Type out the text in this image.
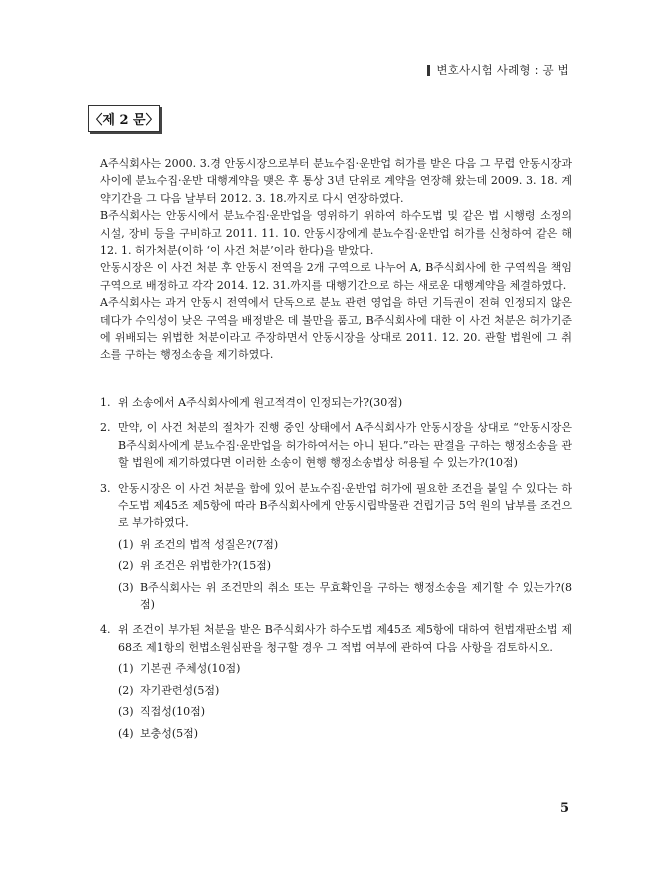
변호사시험 사례형 : 공 법
〈제 2 문〉

A주식회사는 2000. 3.경 안동시장으로부터 분뇨수집·운반업 허가를 받은 다음 그 무렵 안동시장과 사이에 분뇨수집·운반 대행계약을 맺은 후 통상 3년 단위로 계약을 연장해 왔는데 2009. 3. 18. 계약기간을 그 다음 날부터 2012. 3. 18.까지로 다시 연장하였다.

B주식회사는 안동시에서 분뇨수집·운반업을 영위하기 위하여 하수도법 및 같은 법 시행령 소정의 시설, 장비 등을 구비하고 2011. 11. 10. 안동시장에게 분뇨수집·운반업 허가를 신청하여 같은 해 12. 1. 허가처분(이하 ‘이 사건 처분’이라 한다)을 받았다.

안동시장은 이 사건 처분 후 안동시 전역을 2개 구역으로 나누어 A, B주식회사에 한 구역씩을 책임구역으로 배정하고 각각 2014. 12. 31.까지를 대행기간으로 하는 새로운 대행계약을 체결하였다.

A주식회사는 과거 안동시 전역에서 단독으로 분뇨 관련 영업을 하던 기득권이 전혀 인정되지 않은데다가 수익성이 낮은 구역을 배정받은 데 불만을 품고, B주식회사에 대한 이 사건 처분은 허가기준에 위배되는 위법한 처분이라고 주장하면서 안동시장을 상대로 2011. 12. 20. 관할 법원에 그 취소를 구하는 행정소송을 제기하였다.

1. 위 소송에서 A주식회사에게 원고적격이 인정되는가?(30점)
2. 만약, 이 사건 처분의 절차가 진행 중인 상태에서 A주식회사가 안동시장을 상대로 “안동시장은 B주식회사에게 분뇨수집·운반업을 허가하여서는 아니 된다.”라는 판결을 구하는 행정소송을 관할 법원에 제기하였다면 이러한 소송이 현행 행정소송법상 허용될 수 있는가?(10점)
3. 안동시장은 이 사건 처분을 함에 있어 분뇨수집·운반업 허가에 필요한 조건을 붙일 수 있다는 하수도법 제45조 제5항에 따라 B주식회사에게 안동시립박물관 건립기금 5억 원의 납부를 조건으로 부가하였다.
(1) 위 조건의 법적 성질은?(7점)
(2) 위 조건은 위법한가?(15점)
(3) B주식회사는 위 조건만의 취소 또는 무효확인을 구하는 행정소송을 제기할 수 있는가?(8점)
4. 위 조건이 부가된 처분을 받은 B주식회사가 하수도법 제45조 제5항에 대하여 헌법재판소법 제68조 제1항의 헌법소원심판을 청구할 경우 그 적법 여부에 관하여 다음 사항을 검토하시오.
(1) 기본권 주체성(10점)
(2) 자기관련성(5점)
(3) 직접성(10점)
(4) 보충성(5점)
5
